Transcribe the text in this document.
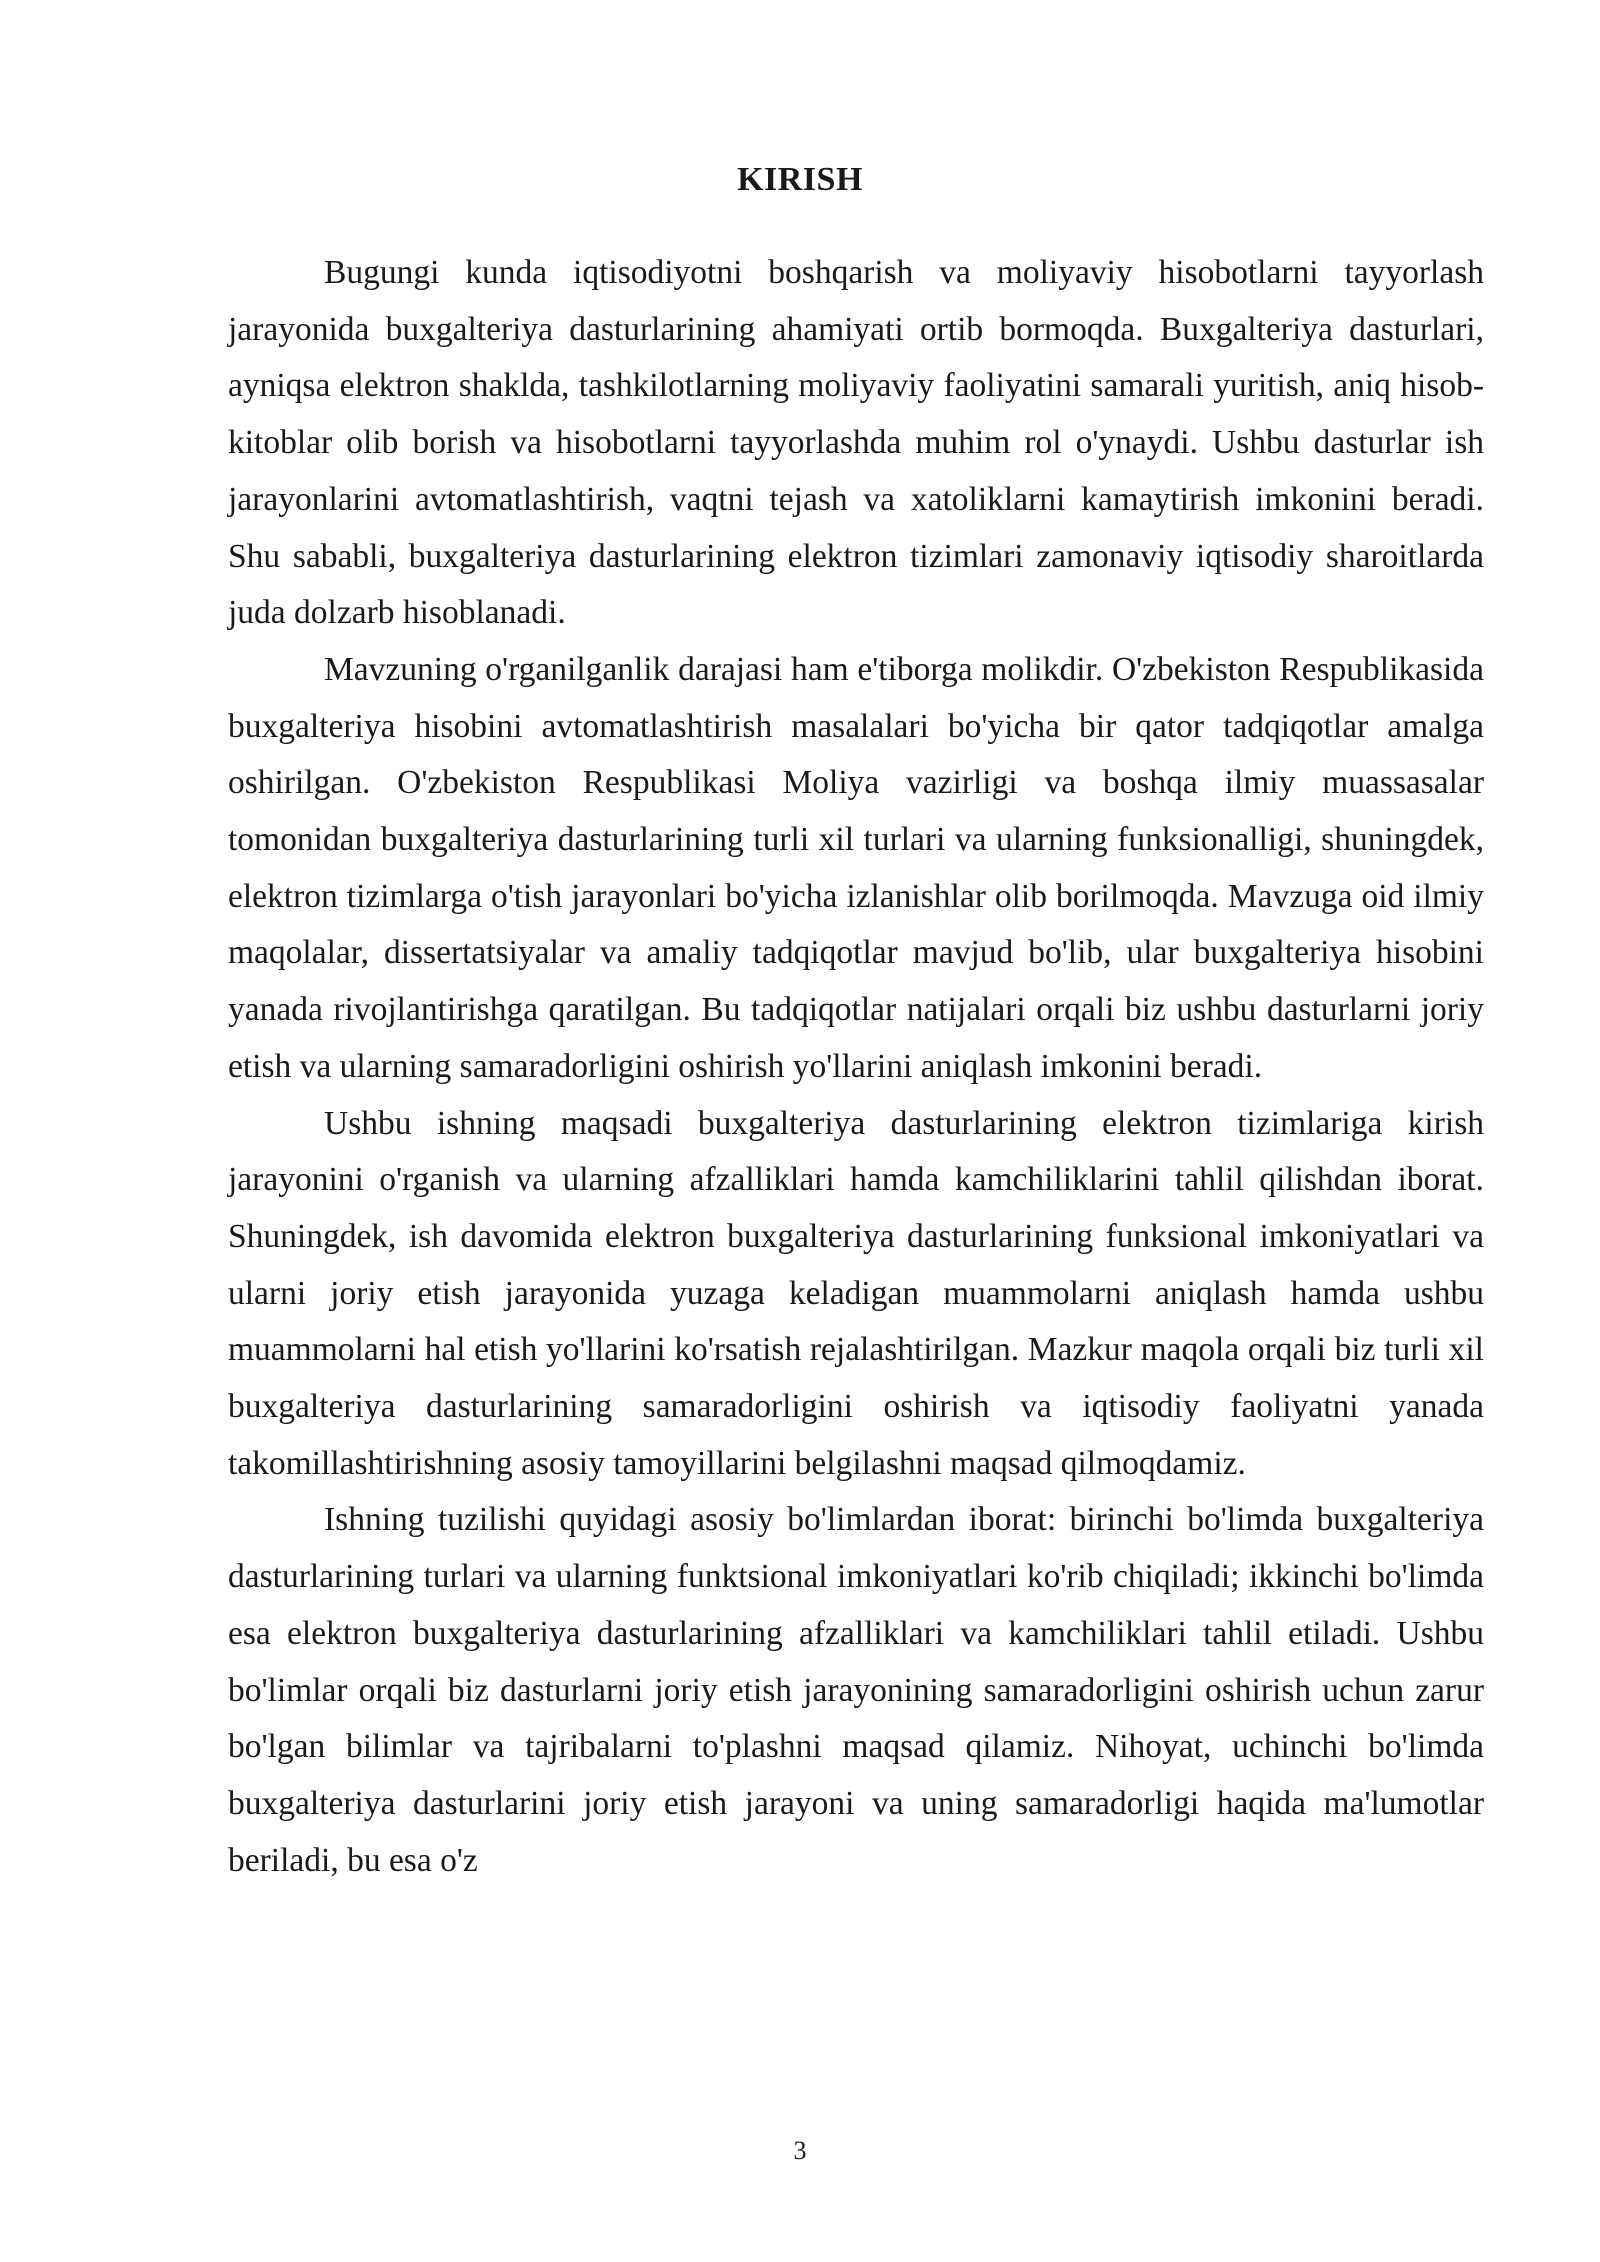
KIRISH

Bugungi kunda iqtisodiyotni boshqarish va moliyaviy hisobotlarni tayyorlash jarayonida buxgalteriya dasturlarining ahamiyati ortib bormoqda. Buxgalteriya dasturlari, ayniqsa elektron shaklda, tashkilotlarning moliyaviy faoliyatini samarali yuritish, aniq hisob-kitoblar olib borish va hisobotlarni tayyorlashda muhim rol o'ynaydi. Ushbu dasturlar ish jarayonlarini avtomatlashtirish, vaqtni tejash va xatoliklarni kamaytirish imkonini beradi. Shu sababli, buxgalteriya dasturlarining elektron tizimlari zamonaviy iqtisodiy sharoitlarda juda dolzarb hisoblanadi.

Mavzuning o'rganilganlik darajasi ham e'tiborga molikdir. O'zbekiston Respublikasida buxgalteriya hisobini avtomatlashtirish masalalari bo'yicha bir qator tadqiqotlar amalga oshirilgan. O'zbekiston Respublikasi Moliya vazirligi va boshqa ilmiy muassasalar tomonidan buxgalteriya dasturlarining turli xil turlari va ularning funksionalligi, shuningdek, elektron tizimlarga o'tish jarayonlari bo'yicha izlanishlar olib borilmoqda. Mavzuga oid ilmiy maqolalar, dissertatsiyalar va amaliy tadqiqotlar mavjud bo'lib, ular buxgalteriya hisobini yanada rivojlantirishga qaratilgan. Bu tadqiqotlar natijalari orqali biz ushbu dasturlarni joriy etish va ularning samaradorligini oshirish yo'llarini aniqlash imkonini beradi.

Ushbu ishning maqsadi buxgalteriya dasturlarining elektron tizimlariga kirish jarayonini o'rganish va ularning afzalliklari hamda kamchiliklarini tahlil qilishdan iborat. Shuningdek, ish davomida elektron buxgalteriya dasturlarining funksional imkoniyatlari va ularni joriy etish jarayonida yuzaga keladigan muammolarni aniqlash hamda ushbu muammolarni hal etish yo'llarini ko'rsatish rejalashtirilgan. Mazkur maqola orqali biz turli xil buxgalteriya dasturlarining samaradorligini oshirish va iqtisodiy faoliyatni yanada takomillashtirishning asosiy tamoyillarini belgilashni maqsad qilmoqdamiz.

Ishning tuzilishi quyidagi asosiy bo'limlardan iborat: birinchi bo'limda buxgalteriya dasturlarining turlari va ularning funktsional imkoniyatlari ko'rib chiqiladi; ikkinchi bo'limda esa elektron buxgalteriya dasturlarining afzalliklari va kamchiliklari tahlil etiladi. Ushbu bo'limlar orqali biz dasturlarni joriy etish jarayonining samaradorligini oshirish uchun zarur bo'lgan bilimlar va tajribalarni to'plashni maqsad qilamiz. Nihoyat, uchinchi bo'limda buxgalteriya dasturlarini joriy etish jarayoni va uning samaradorligi haqida ma'lumotlar beriladi, bu esa o'z

3
